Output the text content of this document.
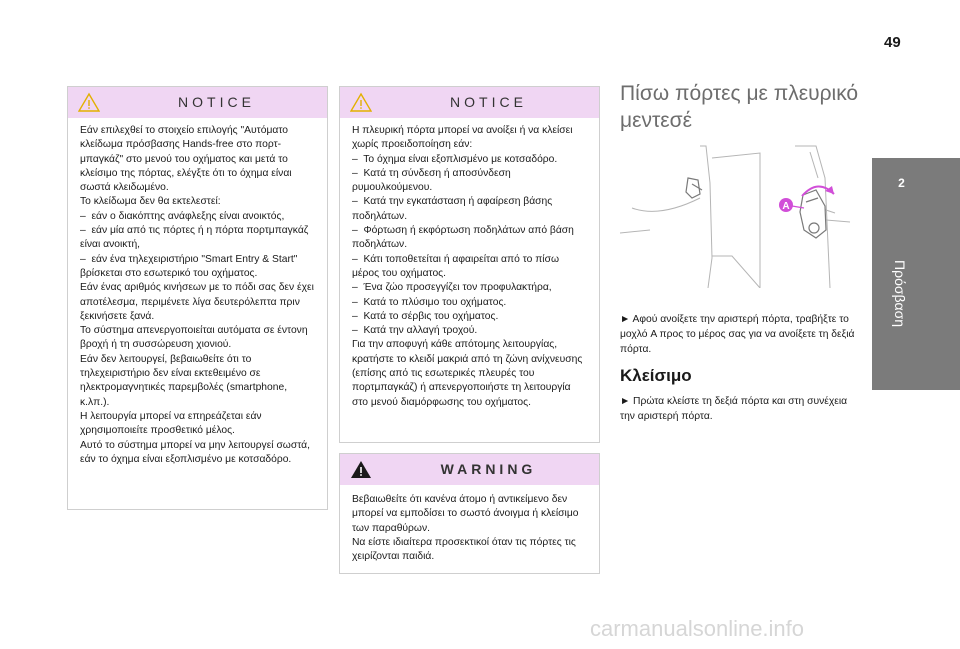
49
2
Πρόσβαση
NOTICE

Εάν επιλεχθεί το στοιχείο επιλογής "Αυτόματο κλείδωμα πρόσβασης Hands-free στο πορτ-μπαγκάζ" στο μενού του οχήματος και μετά το κλείσιμο της πόρτας, ελέγξτε ότι το όχημα είναι σωστά κλειδωμένο.

Το κλείδωμα δεν θα εκτελεστεί:

–  εάν ο διακόπτης ανάφλεξης είναι ανοικτός,

–  εάν μία από τις πόρτες ή η πόρτα πορτμπαγκάζ είναι ανοικτή,

–  εάν ένα τηλεχειριστήριο "Smart Entry & Start" βρίσκεται στο εσωτερικό του οχήματος.

Εάν ένας αριθμός κινήσεων με το πόδι σας δεν έχει αποτέλεσμα, περιμένετε λίγα δευτερόλεπτα πριν ξεκινήσετε ξανά.

Το σύστημα απενεργοποιείται αυτόματα σε έντονη βροχή ή τη συσσώρευση χιονιού.

Εάν δεν λειτουργεί, βεβαιωθείτε ότι το τηλεχειριστήριο δεν είναι εκτεθειμένο σε ηλεκτρομαγνητικές παρεμβολές (smartphone, κ.λπ.).

Η λειτουργία μπορεί να επηρεάζεται εάν χρησιμοποιείτε προσθετικό μέλος.

Αυτό το σύστημα μπορεί να μην λειτουργεί σωστά, εάν το όχημα είναι εξοπλισμένο με κοτσαδόρο.

NOTICE

Η πλευρική πόρτα μπορεί να ανοίξει ή να κλείσει χωρίς προειδοποίηση εάν:

–  Το όχημα είναι εξοπλισμένο με κοτσαδόρο.

–  Κατά τη σύνδεση ή αποσύνδεση ρυμουλκούμενου.

–  Κατά την εγκατάσταση ή αφαίρεση βάσης ποδηλάτων.

–  Φόρτωση ή εκφόρτωση ποδηλάτων από βάση ποδηλάτων.

–  Κάτι τοποθετείται ή αφαιρείται από το πίσω μέρος του οχήματος.

–  Ένα ζώο προσεγγίζει τον προφυλακτήρα,

–  Κατά το πλύσιμο του οχήματος.

–  Κατά το σέρβις του οχήματος.

–  Κατά την αλλαγή τροχού.

Για την αποφυγή κάθε απότομης λειτουργίας, κρατήστε το κλειδί μακριά από τη ζώνη ανίχνευσης (επίσης από τις εσωτερικές πλευρές του πορτμπαγκάζ) ή απενεργοποιήστε τη λειτουργία στο μενού διαμόρφωσης του οχήματος.

WARNING

Βεβαιωθείτε ότι κανένα άτομο ή αντικείμενο δεν μπορεί να εμποδίσει το σωστό άνοιγμα ή κλείσιμο των παραθύρων.

Να είστε ιδιαίτερα προσεκτικοί όταν τις πόρτες τις χειρίζονται παιδιά.

Πίσω πόρτες με πλευρικό μεντεσέ
A

► Αφού ανοίξετε την αριστερή πόρτα, τραβήξτε το μοχλό A προς το μέρος σας για να ανοίξετε τη δεξιά πόρτα.

Κλείσιμο

► Πρώτα κλείστε τη δεξιά πόρτα και στη συνέχεια την αριστερή πόρτα.

carmanualsonline.info
